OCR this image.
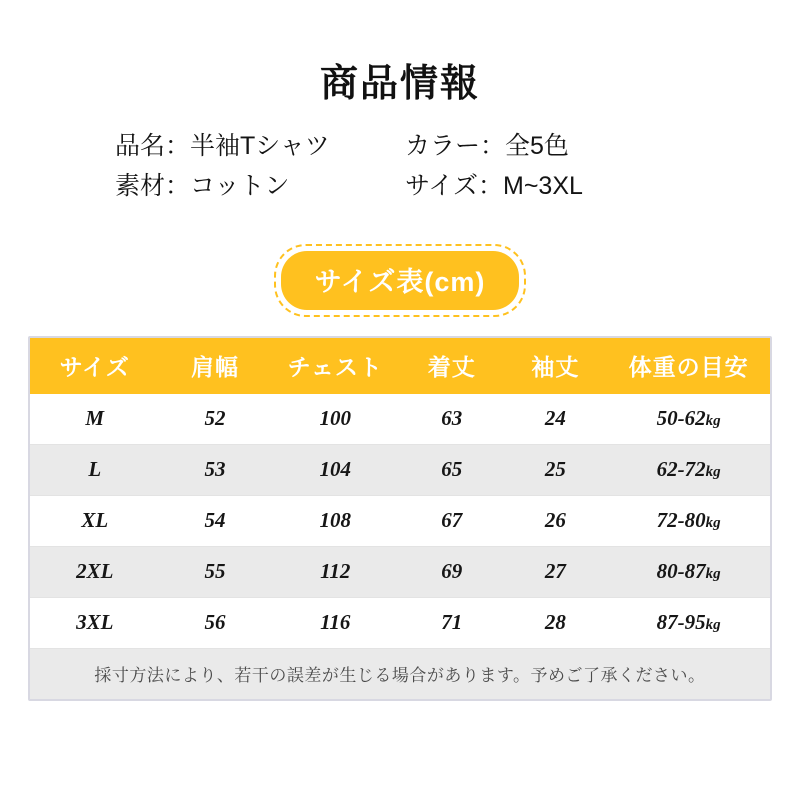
商品情報
品名：半袖Tシャツ	カラー：全5色
素材：コットン	サイズ：M~3XL
サイズ表(cm)
サイズ	肩幅	チェスト	着丈	袖丈	体重の目安
M	52	100	63	24	50-62kg
L	53	104	65	25	62-72kg
XL	54	108	67	26	72-80kg
2XL	55	112	69	27	80-87kg
3XL	56	116	71	28	87-95kg
採寸方法により、若干の誤差が生じる場合があります。予めご了承ください。					
